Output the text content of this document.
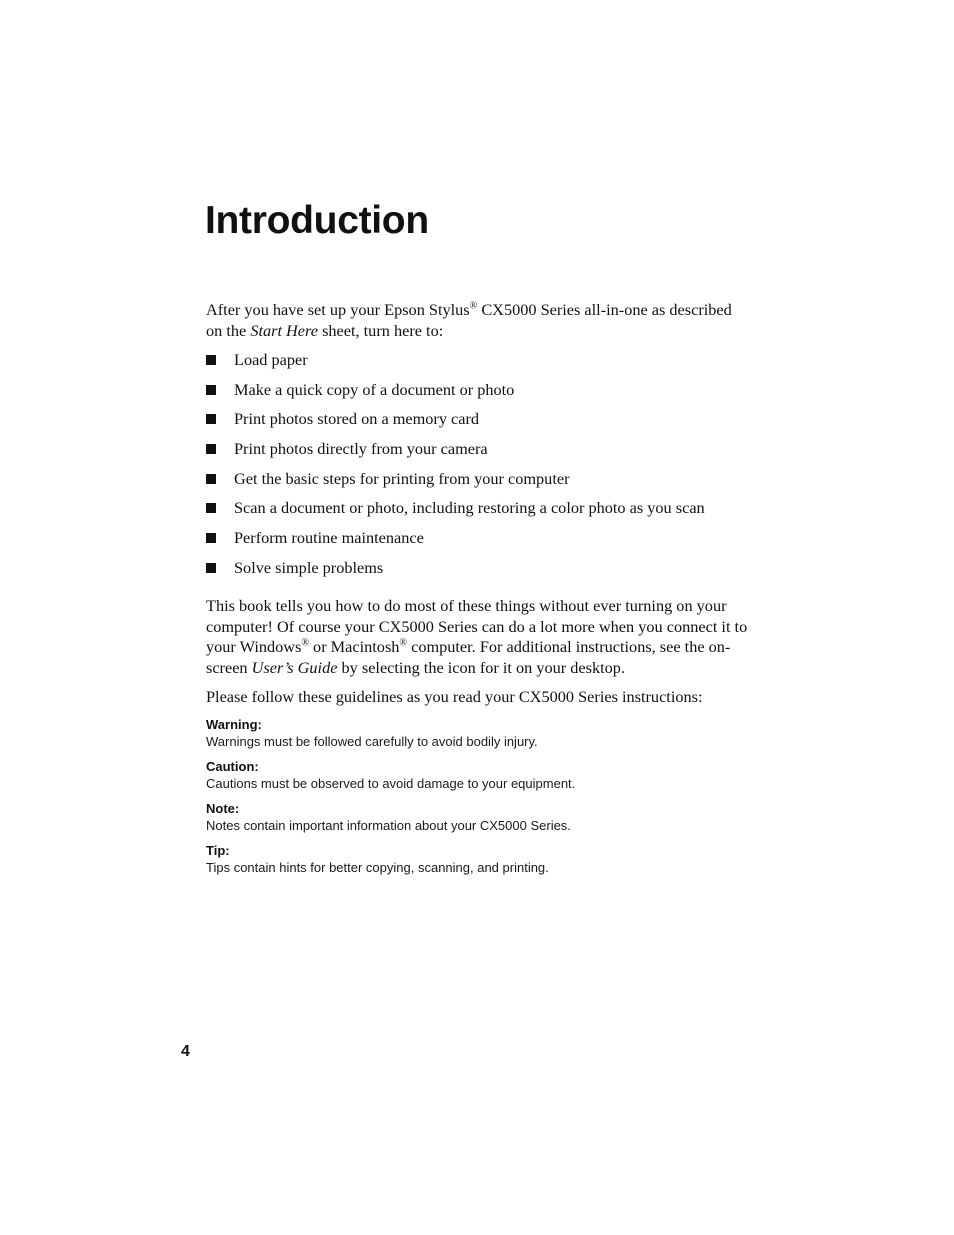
Introduction

After you have set up your Epson Stylus® CX5000 Series all-in-one as described on the Start Here sheet, turn here to:

Load paper
Make a quick copy of a document or photo
Print photos stored on a memory card
Print photos directly from your camera
Get the basic steps for printing from your computer
Scan a document or photo, including restoring a color photo as you scan
Perform routine maintenance
Solve simple problems

This book tells you how to do most of these things without ever turning on your computer! Of course your CX5000 Series can do a lot more when you connect it to your Windows® or Macintosh® computer. For additional instructions, see the on-screen User’s Guide by selecting the icon for it on your desktop.

Please follow these guidelines as you read your CX5000 Series instructions:

Warning:
Warnings must be followed carefully to avoid bodily injury.
Caution:
Cautions must be observed to avoid damage to your equipment.
Note:
Notes contain important information about your CX5000 Series.
Tip:
Tips contain hints for better copying, scanning, and printing.
4
